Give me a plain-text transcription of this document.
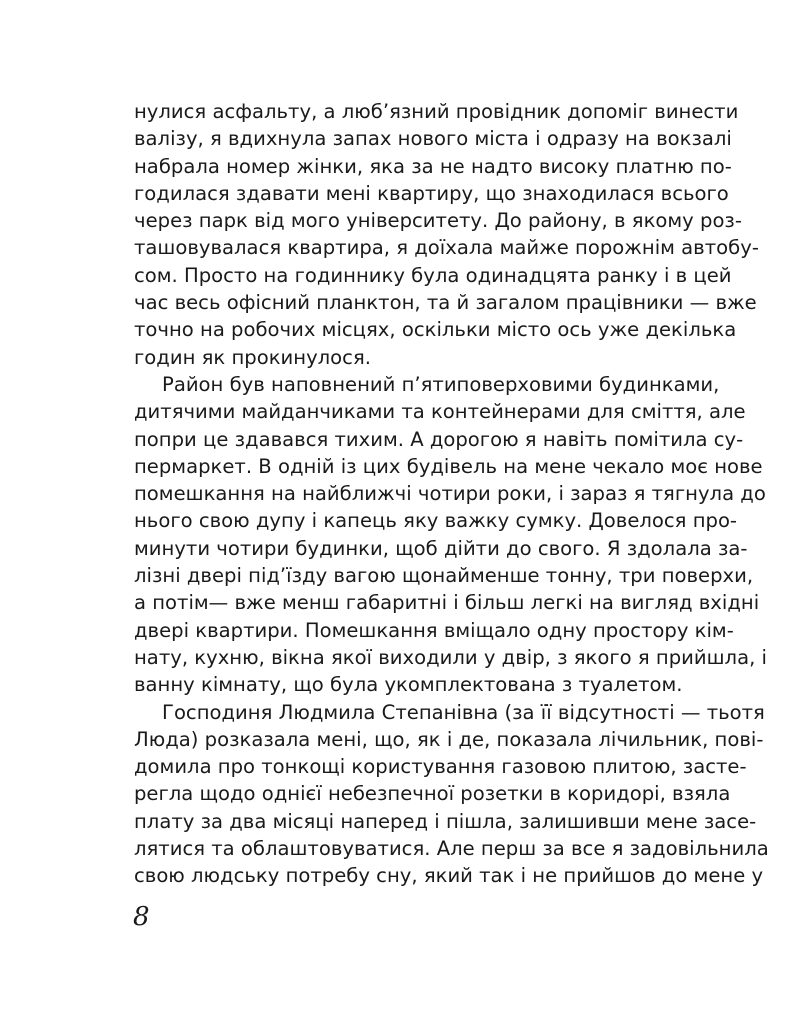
нулися асфальту, а люб’язний провідник допоміг винести
валізу, я вдихнула запах нового міста і одразу на вокзалі
набрала номер жінки, яка за не надто високу платню по-
годилася здавати мені квартиру, що знаходилася всього
через парк від мого університету. До району, в якому роз-
ташовувалася квартира, я доїхала майже порожнім автобу-
сом. Просто на годиннику була одинадцята ранку і в цей
час весь офісний планктон, та й загалом працівники — вже
точно на робочих місцях, оскільки місто ось уже декілька
годин як прокинулося.
Район був наповнений п’ятиповерховими будинками,
дитячими майданчиками та контейнерами для сміття, але
попри це здавався тихим. А дорогою я навіть помітила су-
пермаркет. В одній із цих будівель на мене чекало моє нове
помешкання на найближчі чотири роки, і зараз я тягнула до
нього свою дупу і капець яку важку сумку. Довелося про-
минути чотири будинки, щоб дійти до свого. Я здолала за-
лізні двері під’їзду вагою щонайменше тонну, три поверхи,
а потім— вже менш габаритні і більш легкі на вигляд вхідні
двері квартири. Помешкання вміщало одну простору кім-
нату, кухню, вікна якої виходили у двір, з якого я прийшла, і
ванну кімнату, що була укомплектована з туалетом.
Господиня Людмила Степанівна (за її відсутності — тьотя
Люда) розказала мені, що, як і де, показала лічильник, пові-
домила про тонкощі користування газовою плитою, засте-
регла щодо однієї небезпечної розетки в коридорі, взяла
плату за два місяці наперед і пішла, залишивши мене засе-
лятися та облаштовуватися. Але перш за все я задовільнила
свою людську потребу сну, який так і не прийшов до мене у
8
